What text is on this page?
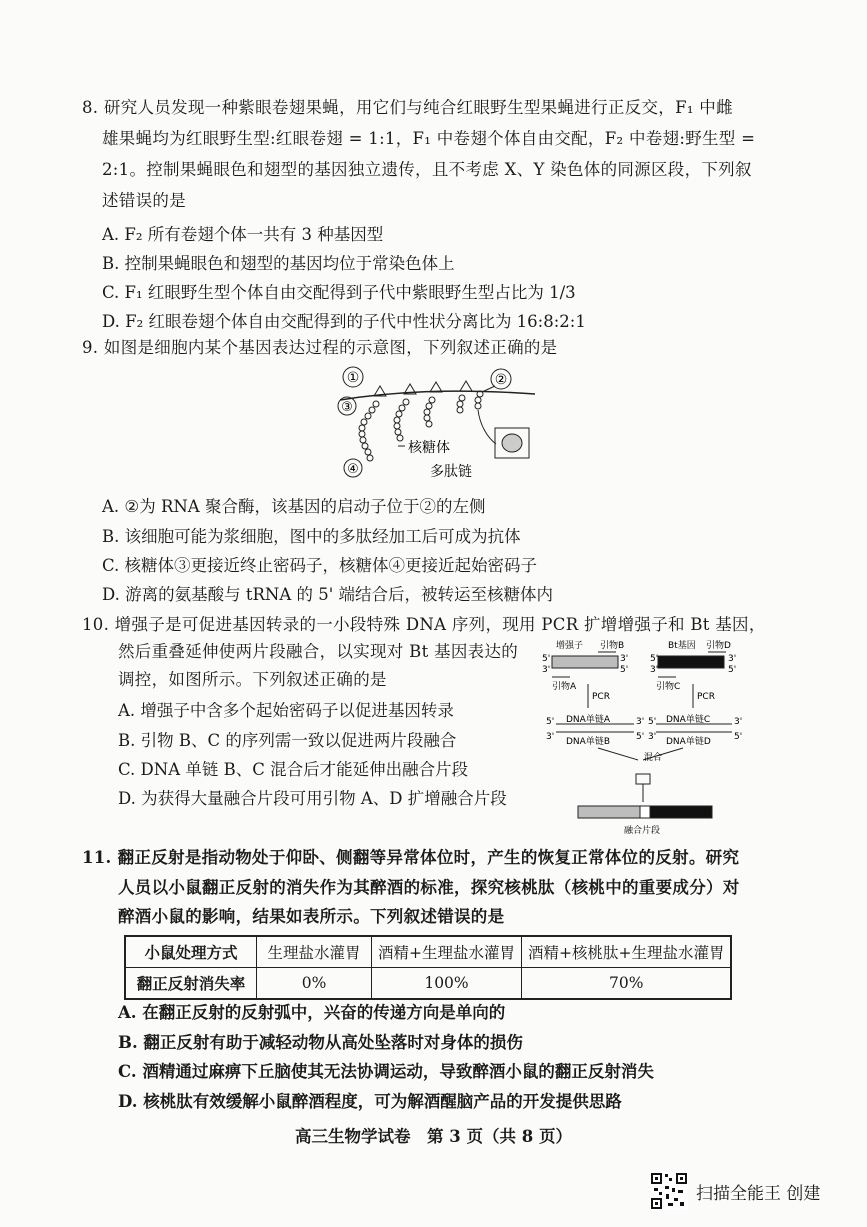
8. 研究人员发现一种紫眼卷翅果蝇，用它们与纯合红眼野生型果蝇进行正反交，F₁ 中雌
雄果蝇均为红眼野生型:红眼卷翅 = 1:1，F₁ 中卷翅个体自由交配，F₂ 中卷翅:野生型 =
2:1。控制果蝇眼色和翅型的基因独立遗传，且不考虑 X、Y 染色体的同源区段，下列叙
述错误的是
A. F₂ 所有卷翅个体一共有 3 种基因型
B. 控制果蝇眼色和翅型的基因均位于常染色体上
C. F₁ 红眼野生型个体自由交配得到子代中紫眼野生型占比为 1/3
D. F₂ 红眼卷翅个体自由交配得到的子代中性状分离比为 16:8:2:1
9. 如图是细胞内某个基因表达过程的示意图，下列叙述正确的是
①	②
③
④
核糖体
多肽链
A. ②为 RNA 聚合酶，该基因的启动子位于②的左侧
B. 该细胞可能为浆细胞，图中的多肽经加工后可成为抗体
C. 核糖体③更接近终止密码子，核糖体④更接近起始密码子
D. 游离的氨基酸与 tRNA 的 5' 端结合后，被转运至核糖体内
10. 增强子是可促进基因转录的一小段特殊 DNA 序列，现用 PCR 扩增增强子和 Bt 基因，
然后重叠延伸使两片段融合，以实现对 Bt 基因表达的
调控，如图所示。下列叙述正确的是
A. 增强子中含多个起始密码子以促进基因转录
B. 引物 B、C 的序列需一致以促进两片段融合
C. DNA 单链 B、C 混合后才能延伸出融合片段
D. 为获得大量融合片段可用引物 A、D 扩增融合片段
增强子 引物B	Bt基因 引物D
5'
3'
3'
5'
5'
3'
3'
5'
引物A	引物C
PCR	PCR
5' DNA单链A	3'
3' DNA单链B	5'
5' DNA单链C	3'
3' DNA单链D	5'
混合
融合片段
11. 翻正反射是指动物处于仰卧、侧翻等异常体位时，产生的恢复正常体位的反射。研究
人员以小鼠翻正反射的消失作为其醉酒的标准，探究核桃肽（核桃中的重要成分）对
醉酒小鼠的影响，结果如表所示。下列叙述错误的是
小鼠处理方式	生理盐水灌胃	酒精+生理盐水灌胃	酒精+核桃肽+生理盐水灌胃
翻正反射消失率	0%	100%	70%
A. 在翻正反射的反射弧中，兴奋的传递方向是单向的
B. 翻正反射有助于减轻动物从高处坠落时对身体的损伤
C. 酒精通过麻痹下丘脑使其无法协调运动，导致醉酒小鼠的翻正反射消失
D. 核桃肽有效缓解小鼠醉酒程度，可为解酒醒脑产品的开发提供思路
高三生物学试卷　第 3 页（共 8 页）
扫描全能王 创建
